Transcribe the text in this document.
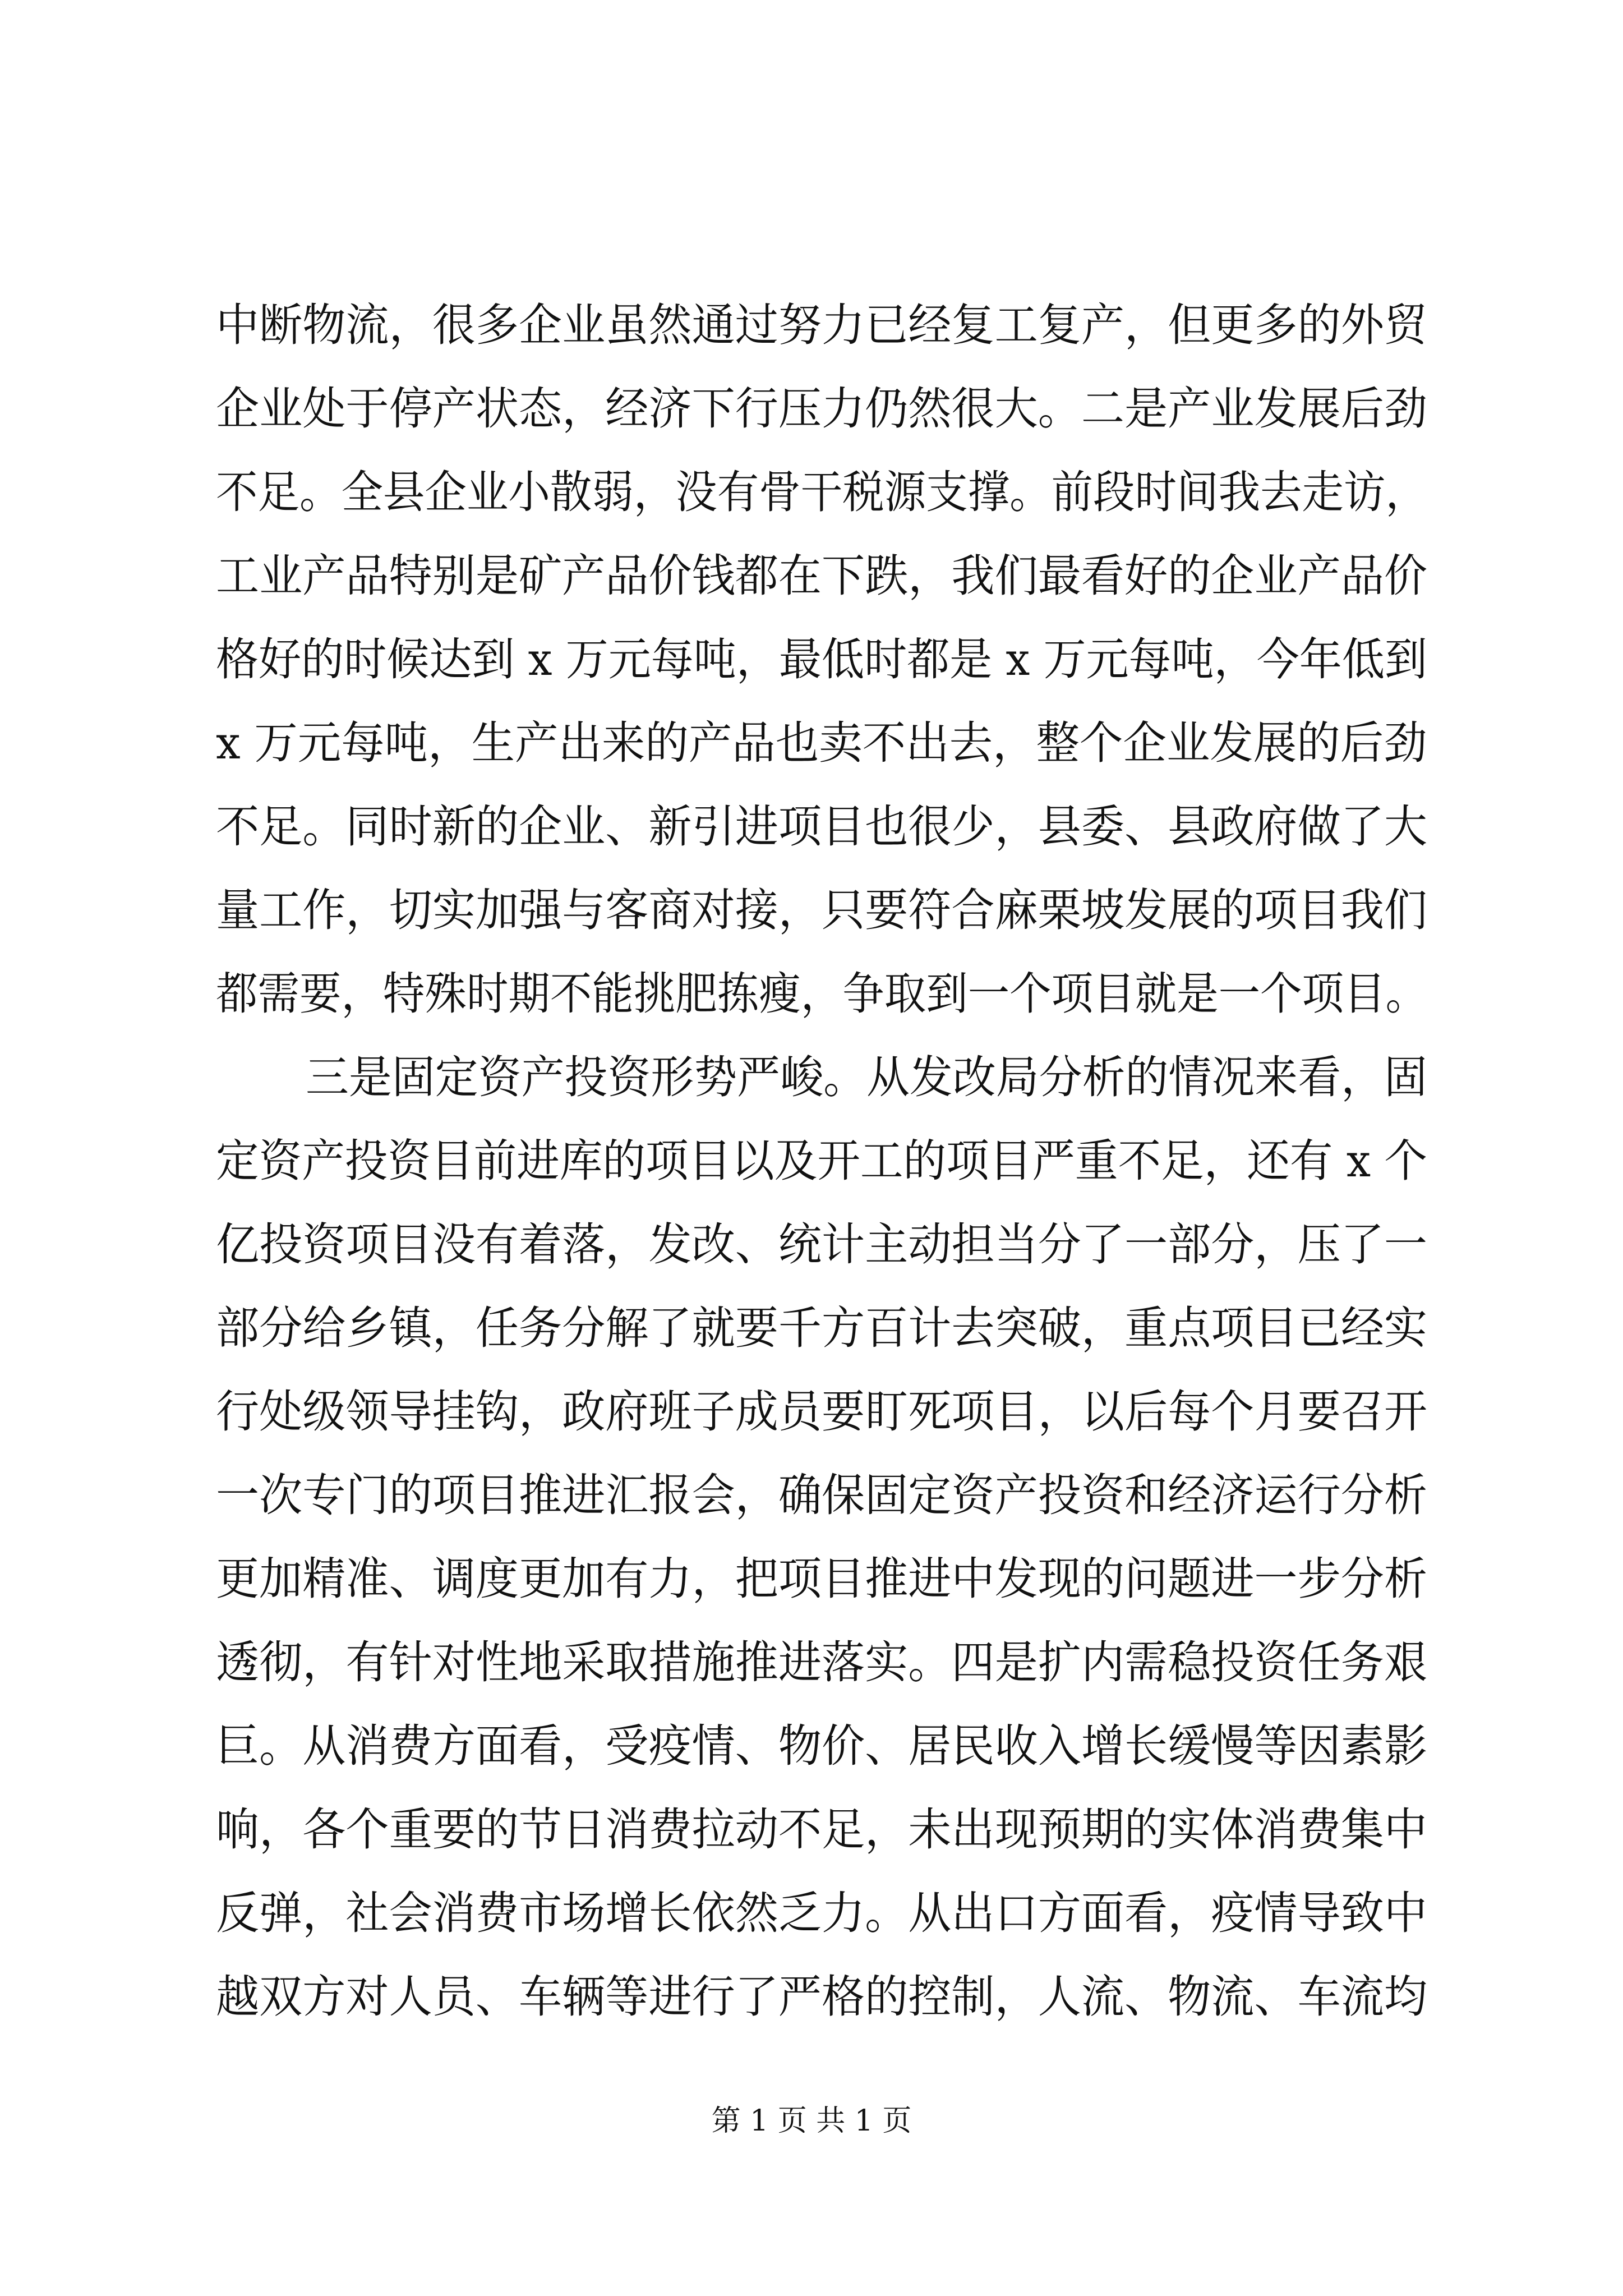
中断物流，很多企业虽然通过努力已经复工复产，但更多的外贸
企业处于停产状态，经济下行压力仍然很大。二是产业发展后劲
不足。全县企业小散弱，没有骨干税源支撑。前段时间我去走访，
工业产品特别是矿产品价钱都在下跌，我们最看好的企业产品价
格好的时候达到 x 万元每吨，最低时都是 x 万元每吨，今年低到
x 万元每吨，生产出来的产品也卖不出去，整个企业发展的后劲
不足。同时新的企业、新引进项目也很少，县委、县政府做了大
量工作，切实加强与客商对接，只要符合麻栗坡发展的项目我们
都需要，特殊时期不能挑肥拣瘦，争取到一个项目就是一个项目。
三是固定资产投资形势严峻。从发改局分析的情况来看，固
定资产投资目前进库的项目以及开工的项目严重不足，还有 x 个
亿投资项目没有着落，发改、统计主动担当分了一部分，压了一
部分给乡镇，任务分解了就要千方百计去突破，重点项目已经实
行处级领导挂钩，政府班子成员要盯死项目，以后每个月要召开
一次专门的项目推进汇报会，确保固定资产投资和经济运行分析
更加精准、调度更加有力，把项目推进中发现的问题进一步分析
透彻，有针对性地采取措施推进落实。四是扩内需稳投资任务艰
巨。从消费方面看，受疫情、物价、居民收入增长缓慢等因素影
响，各个重要的节日消费拉动不足，未出现预期的实体消费集中
反弹，社会消费市场增长依然乏力。从出口方面看，疫情导致中
越双方对人员、车辆等进行了严格的控制，人流、物流、车流均
第 1 页 共 1 页
